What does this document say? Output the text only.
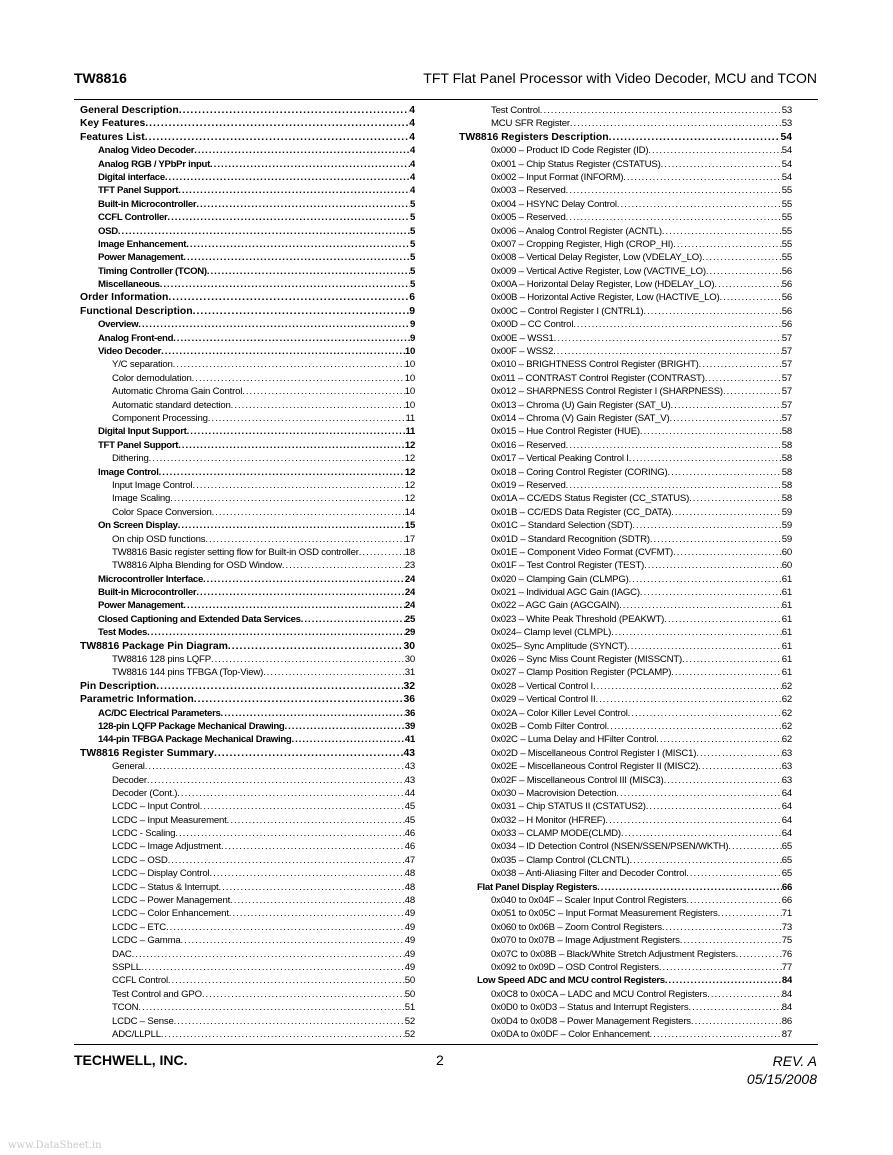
TW8816	TFT Flat Panel Processor with Video Decoder, MCU and TCON
General Description .....	4
Key Features .....	4
Features List .....	4
Analog Video Decoder .....	4
Analog RGB / YPbPr input .....	4
Digital interface .....	4
TFT Panel Support .....	4
Built-in Microcontroller .....	5
CCFL Controller .....	5
OSD .....	5
Image Enhancement .....	5
Power Management .....	5
Timing Controller (TCON) .....	5
Miscellaneous .....	5
Order Information .....	6
Functional Description .....	9
Overview .....	9
Analog Front-end .....	9
Video Decoder .....	10
Y/C separation .....	10
Color demodulation .....	10
Automatic Chroma Gain Control .....	10
Automatic standard detection .....	10
Component Processing .....	11
Digital Input Support .....	11
TFT Panel Support .....	12
Dithering .....	12
Image Control .....	12
Input Image Control .....	12
Image Scaling .....	12
Color Space Conversion .....	14
On Screen Display .....	15
On chip OSD functions .....	17
TW8816 Basic register setting flow for Built-in OSD controller .....	18
TW8816 Alpha Blending for OSD Window .....	23
Microcontroller Interface .....	24
Built-in Microcontroller .....	24
Power Management .....	24
Closed Captioning and Extended Data Services .....	25
Test Modes .....	29
TW8816 Package Pin Diagram .....	30
TW8816 128 pins LQFP .....	30
TW8816 144 pins TFBGA (Top-View) .....	31
Pin Description .....	32
Parametric Information .....	36
AC/DC Electrical Parameters .....	36
128-pin LQFP Package Mechanical Drawing .....	39
144-pin TFBGA Package Mechanical Drawing .....	41
TW8816 Register Summary .....	43
General .....	43
Decoder .....	43
Decoder (Cont.) .....	44
LCDC – Input Control .....	45
LCDC – Input Measurement .....	45
LCDC - Scaling .....	46
LCDC – Image Adjustment .....	46
LCDC – OSD .....	47
LCDC – Display Control .....	48
LCDC – Status & Interrupt .....	48
LCDC – Power Management .....	48
LCDC – Color Enhancement .....	49
LCDC – ETC .....	49
LCDC – Gamma .....	49
DAC .....	49
SSPLL .....	49
CCFL Control .....	50
Test Control and GPO .....	50
TCON .....	51
LCDC – Sense .....	52
ADC/LLPLL .....	52
Test Control .....	53
MCU SFR Register .....	53
TW8816 Registers Description .....	54
0x000 – Product ID Code Register (ID) .....	54
0x001 – Chip Status Register (CSTATUS) .....	54
0x002 – Input Format (INFORM) .....	54
0x003 – Reserved .....	55
0x004 – HSYNC Delay Control .....	55
0x005 – Reserved .....	55
0x006 – Analog Control Register (ACNTL) .....	55
0x007 – Cropping Register, High (CROP_HI) .....	55
0x008 – Vertical Delay Register, Low (VDELAY_LO) .....	55
0x009 – Vertical Active Register, Low (VACTIVE_LO) .....	56
0x00A – Horizontal Delay Register, Low (HDELAY_LO) .....	56
0x00B – Horizontal Active Register, Low (HACTIVE_LO) .....	56
0x00C – Control Register I (CNTRL1) .....	56
0x00D – CC Control .....	56
0x00E – WSS1 .....	57
0x00F – WSS2 .....	57
0x010 – BRIGHTNESS Control Register (BRIGHT) .....	57
0x011 – CONTRAST Control Register (CONTRAST) .....	57
0x012 – SHARPNESS Control Register I (SHARPNESS) .....	57
0x013 – Chroma (U) Gain Register (SAT_U) .....	57
0x014 – Chroma (V) Gain Register (SAT_V) .....	57
0x015 – Hue Control Register (HUE) .....	58
0x016 – Reserved .....	58
0x017 – Vertical Peaking Control I .....	58
0x018 – Coring Control Register (CORING) .....	58
0x019 – Reserved .....	58
0x01A – CC/EDS Status Register (CC_STATUS) .....	58
0x01B – CC/EDS Data Register (CC_DATA) .....	59
0x01C – Standard Selection (SDT) .....	59
0x01D – Standard Recognition (SDTR) .....	59
0x01E – Component Video Format (CVFMT) .....	60
0x01F – Test Control Register (TEST) .....	60
0x020 – Clamping Gain (CLMPG) .....	61
0x021 – Individual AGC Gain (IAGC) .....	61
0x022 – AGC Gain (AGCGAIN) .....	61
0x023 – White Peak Threshold (PEAKWT) .....	61
0x024– Clamp level (CLMPL) .....	61
0x025– Sync Amplitude (SYNCT) .....	61
0x026 – Sync Miss Count Register (MISSCNT) .....	61
0x027 – Clamp Position Register (PCLAMP) .....	61
0x028 – Vertical Control I .....	62
0x029 – Vertical Control II .....	62
0x02A – Color Killer Level Control .....	62
0x02B – Comb Filter Control .....	62
0x02C – Luma Delay and HFilter Control .....	62
0x02D – Miscellaneous Control Register I (MISC1) .....	63
0x02E – Miscellaneous Control Register II (MISC2) .....	63
0x02F – Miscellaneous Control III (MISC3) .....	63
0x030 – Macrovision Detection .....	64
0x031 – Chip STATUS II (CSTATUS2) .....	64
0x032 – H Monitor (HFREF) .....	64
0x033 – CLAMP MODE(CLMD) .....	64
0x034 – ID Detection Control (NSEN/SSEN/PSEN/WKTH) .....	65
0x035 – Clamp Control (CLCNTL) .....	65
0x038 – Anti-Aliasing Filter and Decoder Control .....	65
Flat Panel Display Registers .....	66
0x040 to 0x04F – Scaler Input Control Registers .....	66
0x051 to 0x05C – Input Format Measurement Registers .....	71
0x060 to 0x06B – Zoom Control Registers .....	73
0x070 to 0x07B – Image Adjustment Registers .....	75
0x07C to 0x08B – Black/White Stretch Adjustment Registers .....	76
0x092 to 0x09D – OSD Control Registers .....	77
Low Speed ADC and MCU control Registers .....	84
0x0C8 to 0x0CA – LADC and MCU Control Registers .....	84
0x0D0 to 0x0D3 – Status and Interrupt Registers .....	84
0x0D4 to 0x0D8 – Power Management Registers .....	86
0x0DA to 0x0DF – Color Enhancement .....	87
TECHWELL, INC.	2	REV. A
05/15/2008
www.DataSheet.in
